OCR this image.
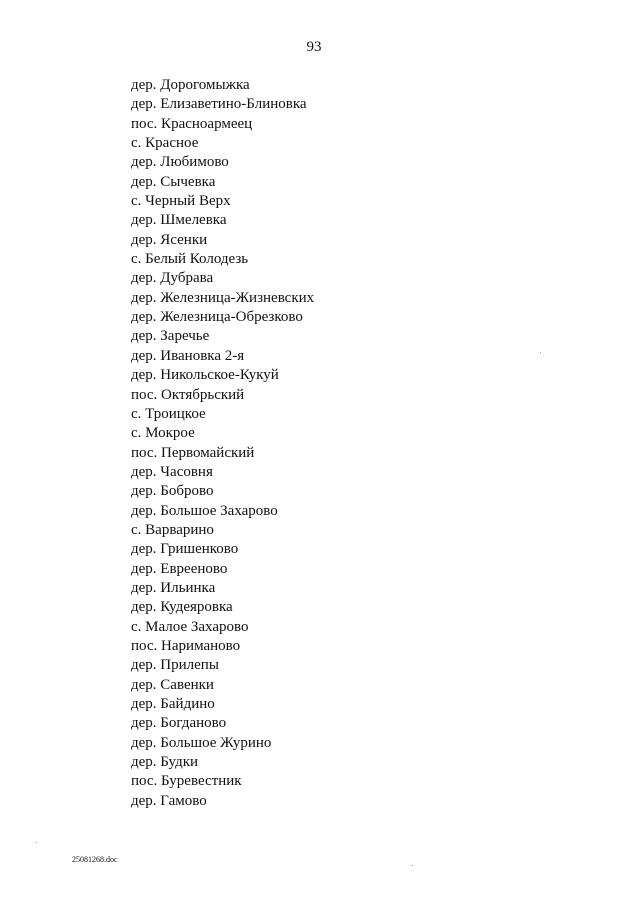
93
дер. Дорогомыжка
дер. Елизаветино-Блиновка
пос. Красноармеец
с. Красное
дер. Любимово
дер. Сычевка
с. Черный Верх
дер. Шмелевка
дер. Ясенки
с. Белый Колодезь
дер. Дубрава
дер. Железница-Жизневских
дер. Железница-Обрезково
дер. Заречье
дер. Ивановка 2-я
дер. Никольское-Кукуй
пос. Октябрьский
с. Троицкое
с. Мокрое
пос. Первомайский
дер. Часовня
дер. Боброво
дер. Большое Захарово
с. Варварино
дер. Гришенково
дер. Еврееново
дер. Ильинка
дер. Кудеяровка
с. Малое Захарово
пос. Нариманово
дер. Прилепы
дер. Савенки
дер. Байдино
дер. Богданово
дер. Большое Журино
дер. Будки
пос. Буревестник
дер. Гамово
25081268.doc
